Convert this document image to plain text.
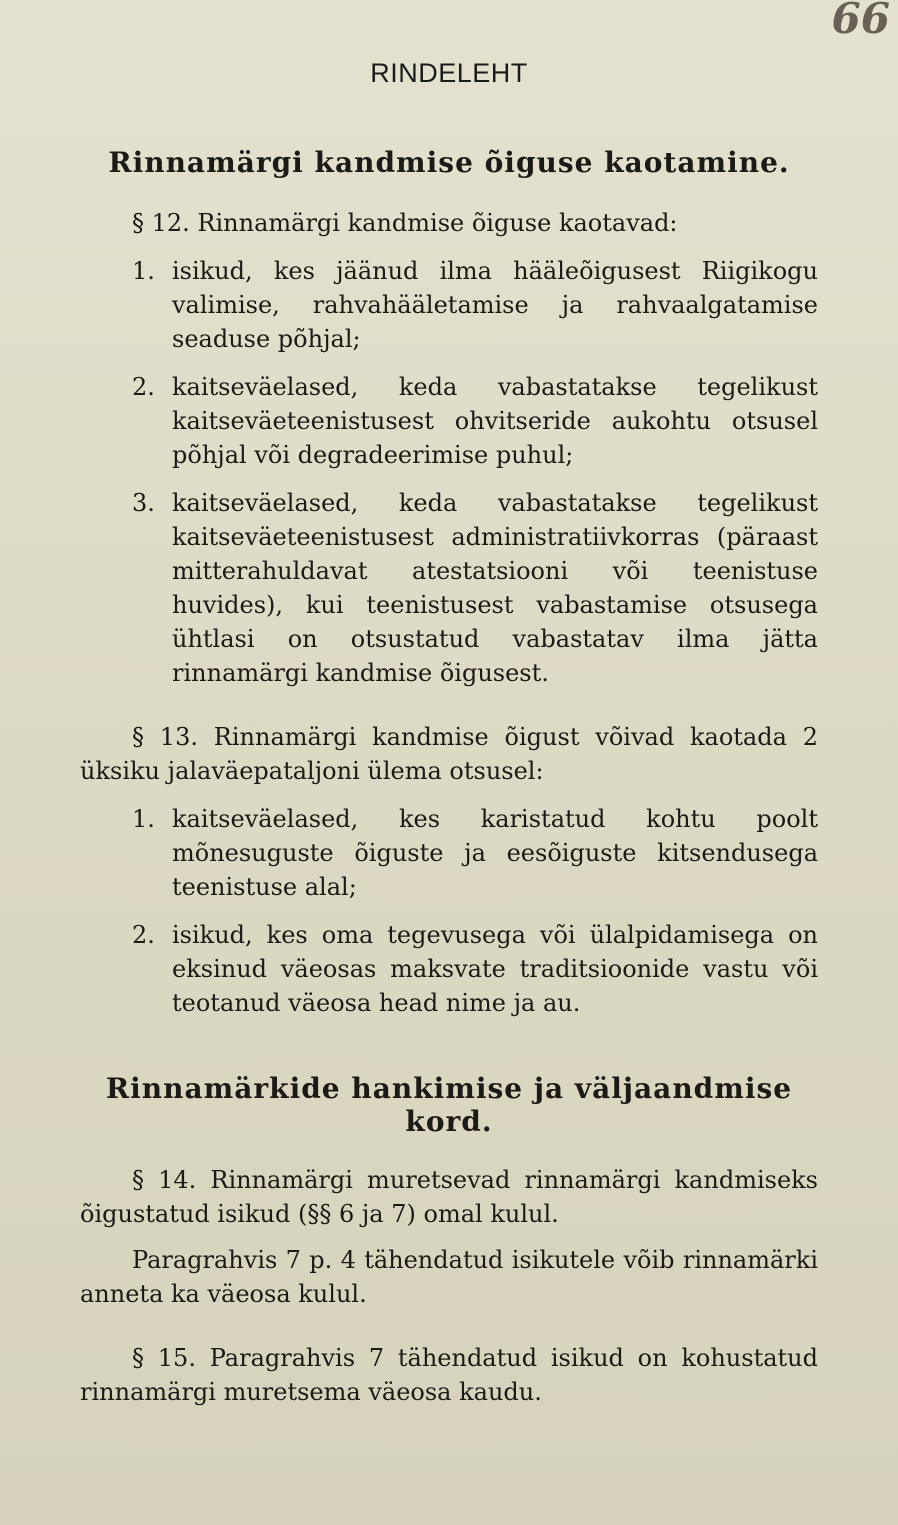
66
RINDELEHT
Rinnamärgi kandmise õiguse kaotamine.

§ 12. Rinnamärgi kandmise õiguse kaotavad:

1. isikud, kes jäänud ilma hääleõigusest Riigikogu valimise, rahvahääletamise ja rahvaalgatamise seaduse põhjal;

2. kaitseväelased, keda vabastatakse tegelikust kaitseväeteenistusest ohvitseride aukohtu otsusel põhjal või degradeerimise puhul;

3. kaitseväelased, keda vabastatakse tegelikust kaitseväeteenistusest administratiivkorras (päraast mitterahuldavat atestatsiooni või teenistuse huvides), kui teenistusest vabastamise otsusega ühtlasi on otsustatud vabastatav ilma jätta rinnamärgi kandmise õigusest.

§ 13. Rinnamärgi kandmise õigust võivad kaotada 2 üksiku jalaväepataljoni ülema otsusel:

1. kaitseväelased, kes karistatud kohtu poolt mõnesuguste õiguste ja eesõiguste kitsendusega teenistuse alal;

2. isikud, kes oma tegevusega või ülalpidamisega on eksinud väeosas maksvate traditsioonide vastu või teotanud väeosa head nime ja au.

Rinnamärkide hankimise ja väljaandmise kord.

§ 14. Rinnamärgi muretsevad rinnamärgi kandmiseks õigustatud isikud (§§ 6 ja 7) omal kulul.

Paragrahvis 7 p. 4 tähendatud isikutele võib rinnamärki anneta ka väeosa kulul.

§ 15. Paragrahvis 7 tähendatud isikud on kohustatud rinnamärgi muretsema väeosa kaudu.
